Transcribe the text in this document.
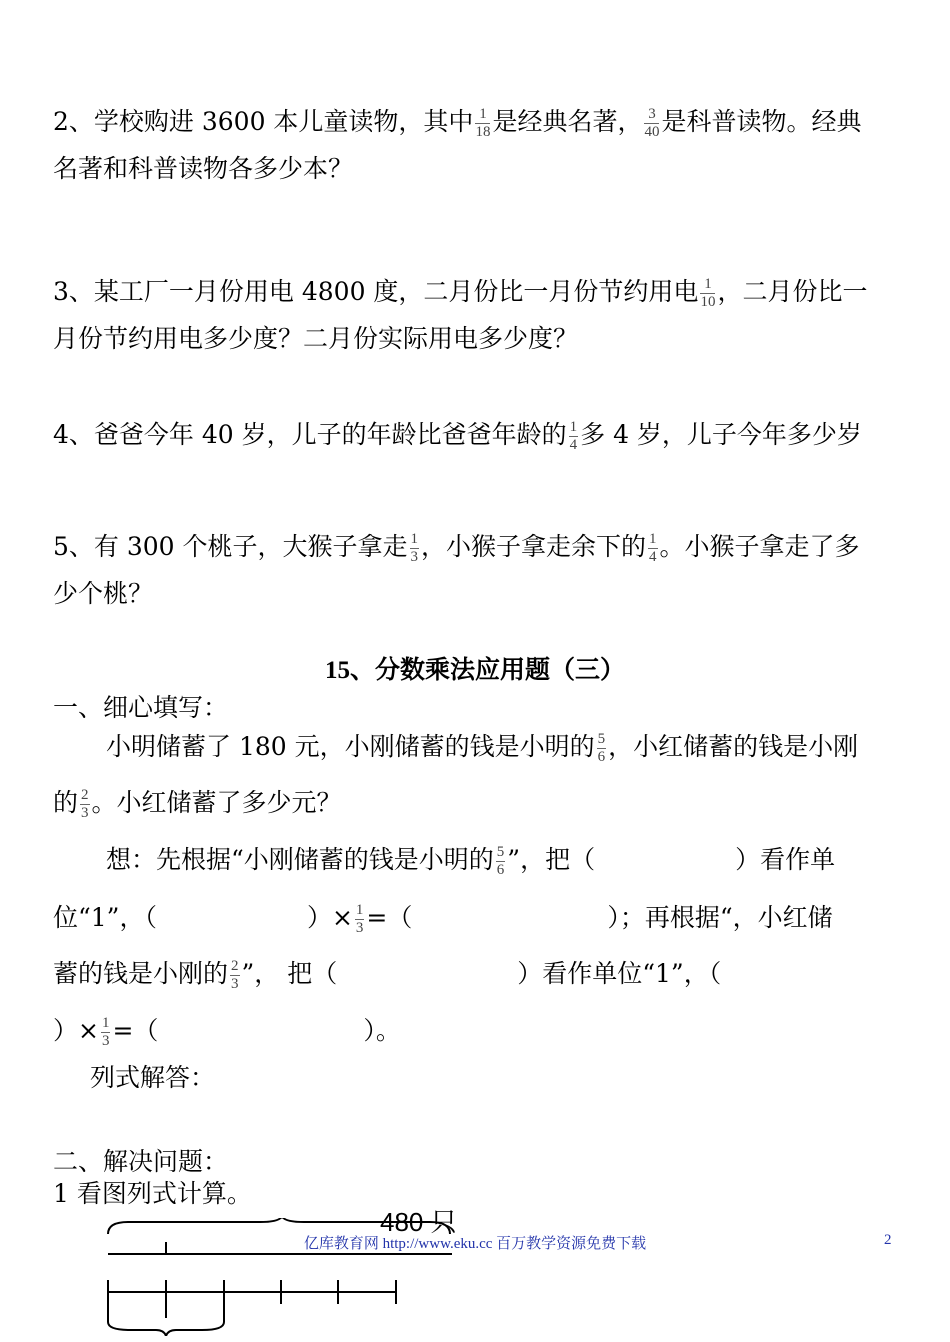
2、学校购进 3600 本儿童读物，其中 $\frac{1}{18}$ 是经典名著， $\frac{3}{40}$ 是科普读物。经典
名著和科普读物各多少本？
3、某工厂一月份用电 4800 度，二月份比一月份节约用电 $\frac{1}{10}$ ，二月份比一
月份节约用电多少度？二月份实际用电多少度？
4、爸爸今年 40 岁，儿子的年龄比爸爸年龄的 $\frac{1}{4}$ 多 4 岁，儿子今年多少岁
5、有 300 个桃子，大猴子拿走 $\frac{1}{3}$ ，小猴子拿走余下的 $\frac{1}{4}$ 。小猴子拿走了多
少个桃？
15、分数乘法应用题（三）
一、细心填写：
小明储蓄了 180 元，小刚储蓄的钱是小明的 $\frac{5}{6}$ ，小红储蓄的钱是小刚
的 $\frac{2}{3}$ 。小红储蓄了多少元？
想：先根据“小刚储蓄的钱是小明的 $\frac{5}{6}$ ”，把（	）看作单
位“1”，（	）× $\frac{1}{3}$ =（	）；再根据“，小红储
蓄的钱是小刚的 $\frac{2}{3}$ ”， 把（	）看作单位“1”，（
）× $\frac{1}{3}$ =（	）。
列式解答：
二、解决问题：
1 看图列式计算。
480 只
亿库教育网 http://www.eku.cc 百万教学资源免费下载	2
